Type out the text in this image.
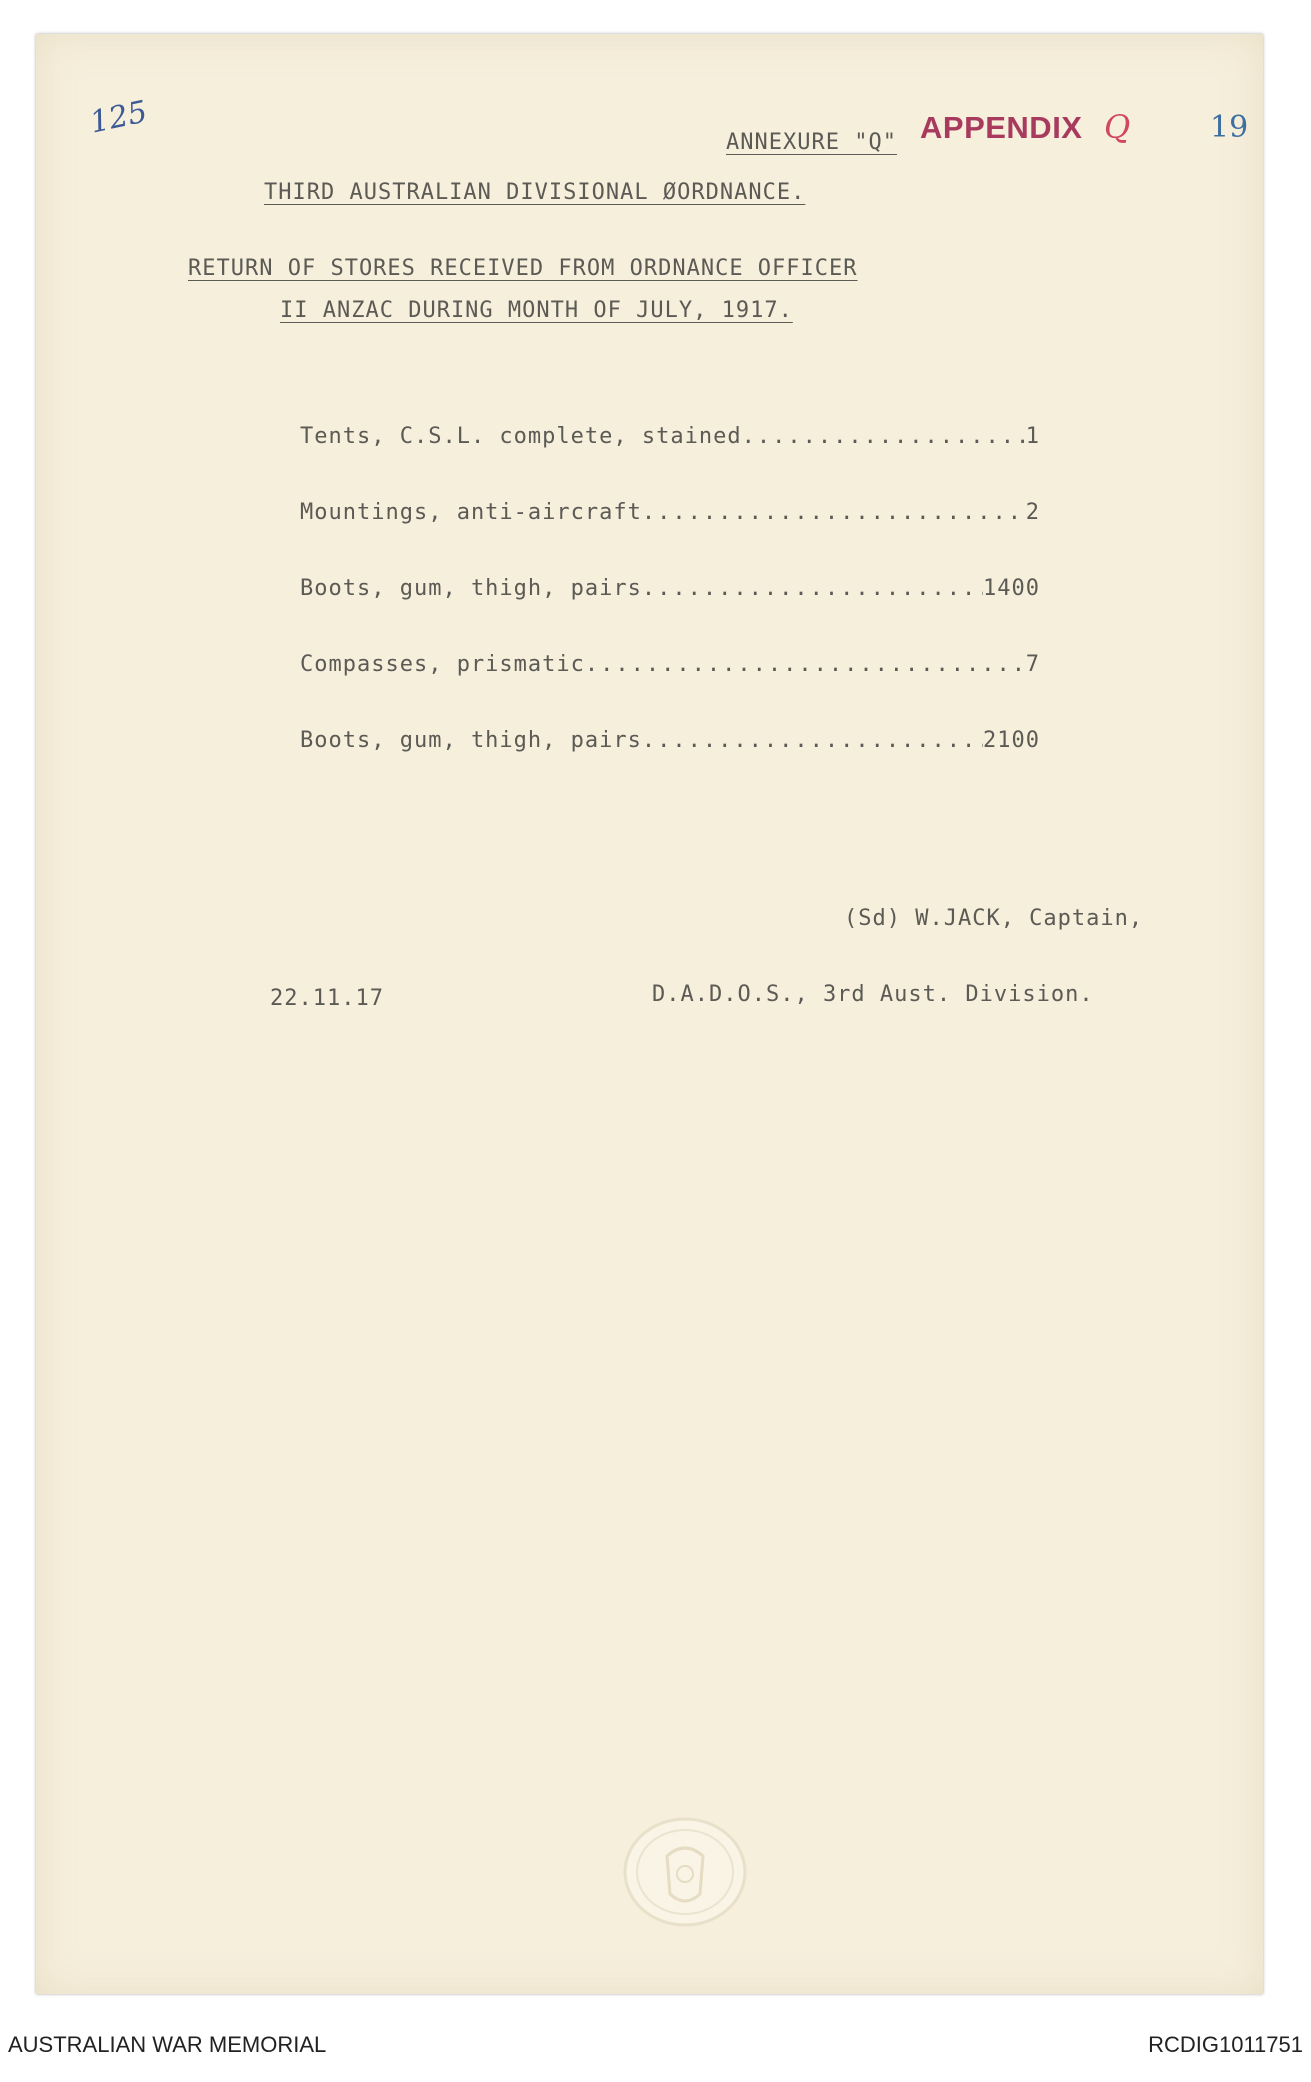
125
ANNEXURE "Q" APPENDIX Q	19
THIRD AUSTRALIAN DIVISIONAL ØORDNANCE.
RETURN OF STORES RECEIVED FROM ORDNANCE OFFICER
II ANZAC DURING MONTH OF JULY, 1917.
Tents, C.S.L. complete, stained .....	1
Mountings, anti-aircraft .....	2
Boots, gum, thigh, pairs .....	1400
Compasses, prismatic .....	7
Boots, gum, thigh, pairs .....	2100
(Sd) W.JACK, Captain,
22.11.17	D.A.D.O.S., 3rd Aust. Division.
AUSTRALIAN WAR MEMORIAL	RCDIG1011751
